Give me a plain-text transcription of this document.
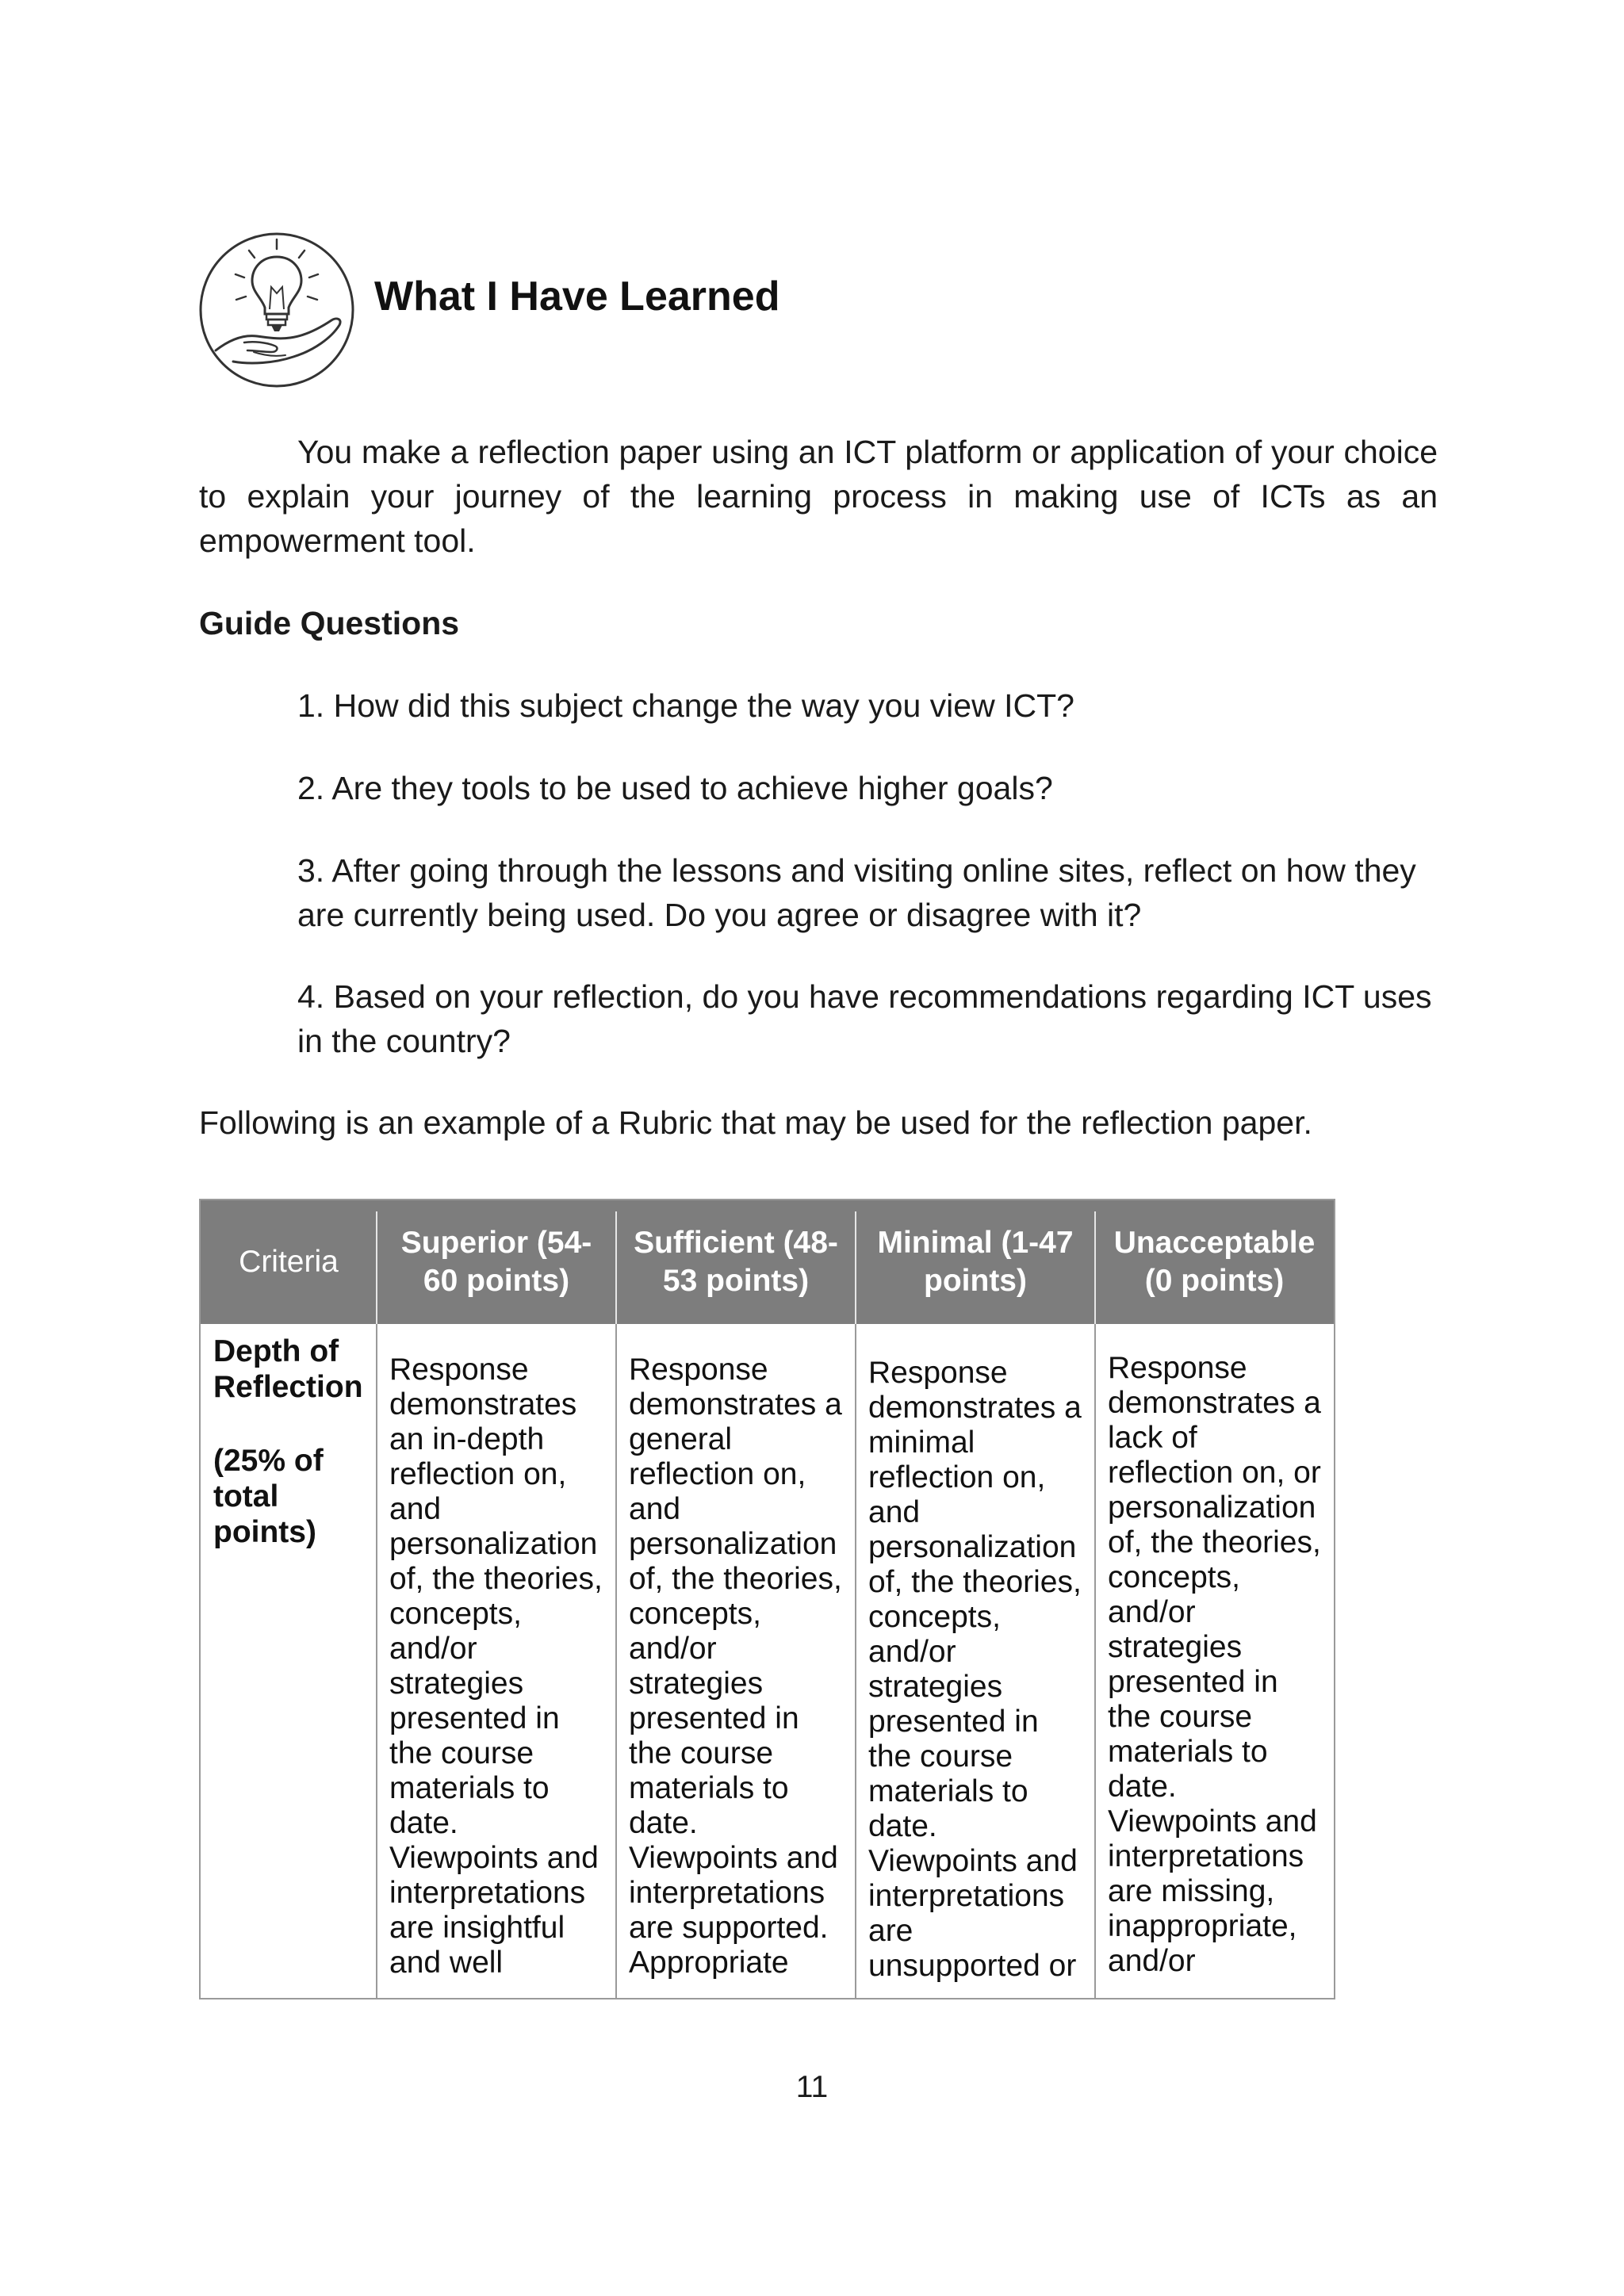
What I Have Learned

You make a reflection paper using an ICT platform or application of your choice to explain your journey of the learning process in making use of ICTs as an empowerment tool.

Guide Questions

1. How did this subject change the way you view ICT?

2. Are they tools to be used to achieve higher goals?

3. After going through the lessons and visiting online sites, reflect on how they are currently being used. Do you agree or disagree with it?

4. Based on your reflection, do you have recommendations regarding ICT uses in the country?

Following is an example of a Rubric that may be used for the reflection paper.

Criteria
Superior (54-60 points)
Sufficient (48-53 points)
Minimal (1-47 points)
Unacceptable (0 points)

Depth of Reflection

(25% of total points)

Response demonstrates an in-depth reflection on, and personalization of, the theories, concepts, and/or strategies presented in the course materials to date. Viewpoints and interpretations are insightful and well
Response demonstrates a general reflection on, and personalization of, the theories, concepts, and/or strategies presented in the course materials to date. Viewpoints and interpretations are supported. Appropriate
Response demonstrates a minimal reflection on, and personalization of, the theories, concepts, and/or strategies presented in the course materials to date. Viewpoints and interpretations are unsupported or
Response demonstrates a lack of reflection on, or personalization of, the theories, concepts, and/or strategies presented in the course materials to date. Viewpoints and interpretations are missing, inappropriate, and/or

11
